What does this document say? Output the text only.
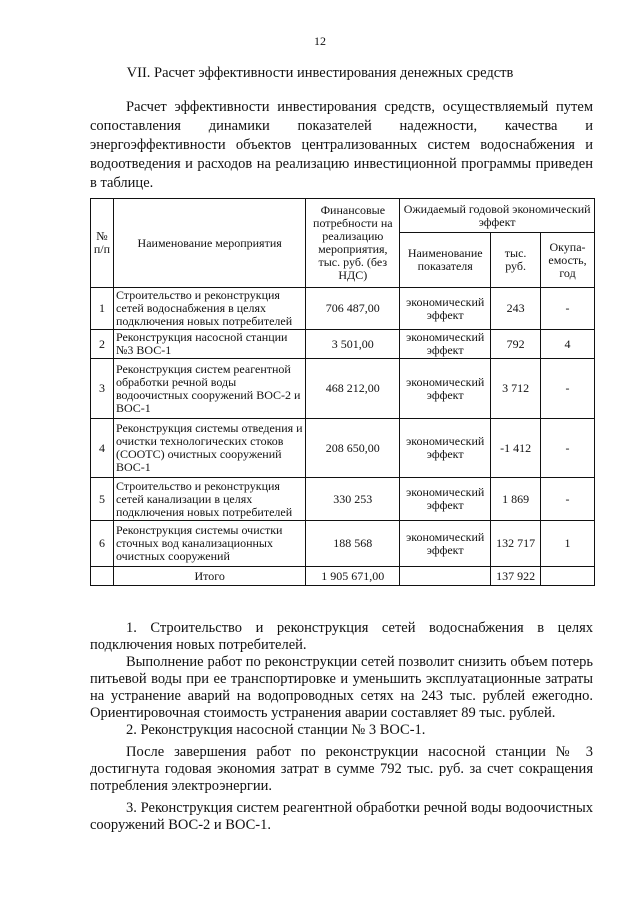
12
VII. Расчет эффективности инвестирования денежных средств

Расчет эффективности инвестирования средств, осуществляемый путем сопоставления динамики показателей надежности, качества и энергоэффективности объектов централизованных систем водоснабжения и водоотведения и расходов на реализацию инвестиционной программы приведен в таблице.

№ п/п	Наименование мероприятия	Финансовые потребности на реализацию мероприятия, тыс. руб. (без НДС)	Ожидаемый годовой экономический эффект		
			Наименование показателя	тыс. руб.	Окупа-емость, год
1	Строительство и реконструкция сетей водоснабжения в целях подключения новых потребителей	706 487,00	экономический эффект	243	-
2	Реконструкция насосной станции №3 ВОС-1	3 501,00	экономический эффект	792	4
3	Реконструкция систем реагентной обработки речной воды водоочистных сооружений ВОС-2 и ВОС-1	468 212,00	экономический эффект	3 712	-
4	Реконструкция системы отведения и очистки технологических стоков (СООТС) очистных сооружений ВОС-1	208 650,00	экономический эффект	-1 412	-
5	Строительство и реконструкция сетей канализации в целях подключения новых потребителей	330 253	экономический эффект	1 869	-
6	Реконструкция системы очистки сточных вод канализационных очистных сооружений	188 568	экономический эффект	132 717	1
	Итого	1 905 671,00		137 922	

1. Строительство и реконструкция сетей водоснабжения в целях подключения новых потребителей.

Выполнение работ по реконструкции сетей позволит снизить объем потерь питьевой воды при ее транспортировке и уменьшить эксплуатационные затраты на устранение аварий на водопроводных сетях на 243 тыс. рублей ежегодно. Ориентировочная стоимость устранения аварии составляет 89 тыс. рублей.

2. Реконструкция насосной станции № 3 ВОС-1.

После завершения работ по реконструкции насосной станции № 3 достигнута годовая экономия затрат в сумме 792 тыс. руб. за счет сокращения потребления электроэнергии.

3. Реконструкция систем реагентной обработки речной воды водоочистных сооружений ВОС-2 и ВОС-1.
